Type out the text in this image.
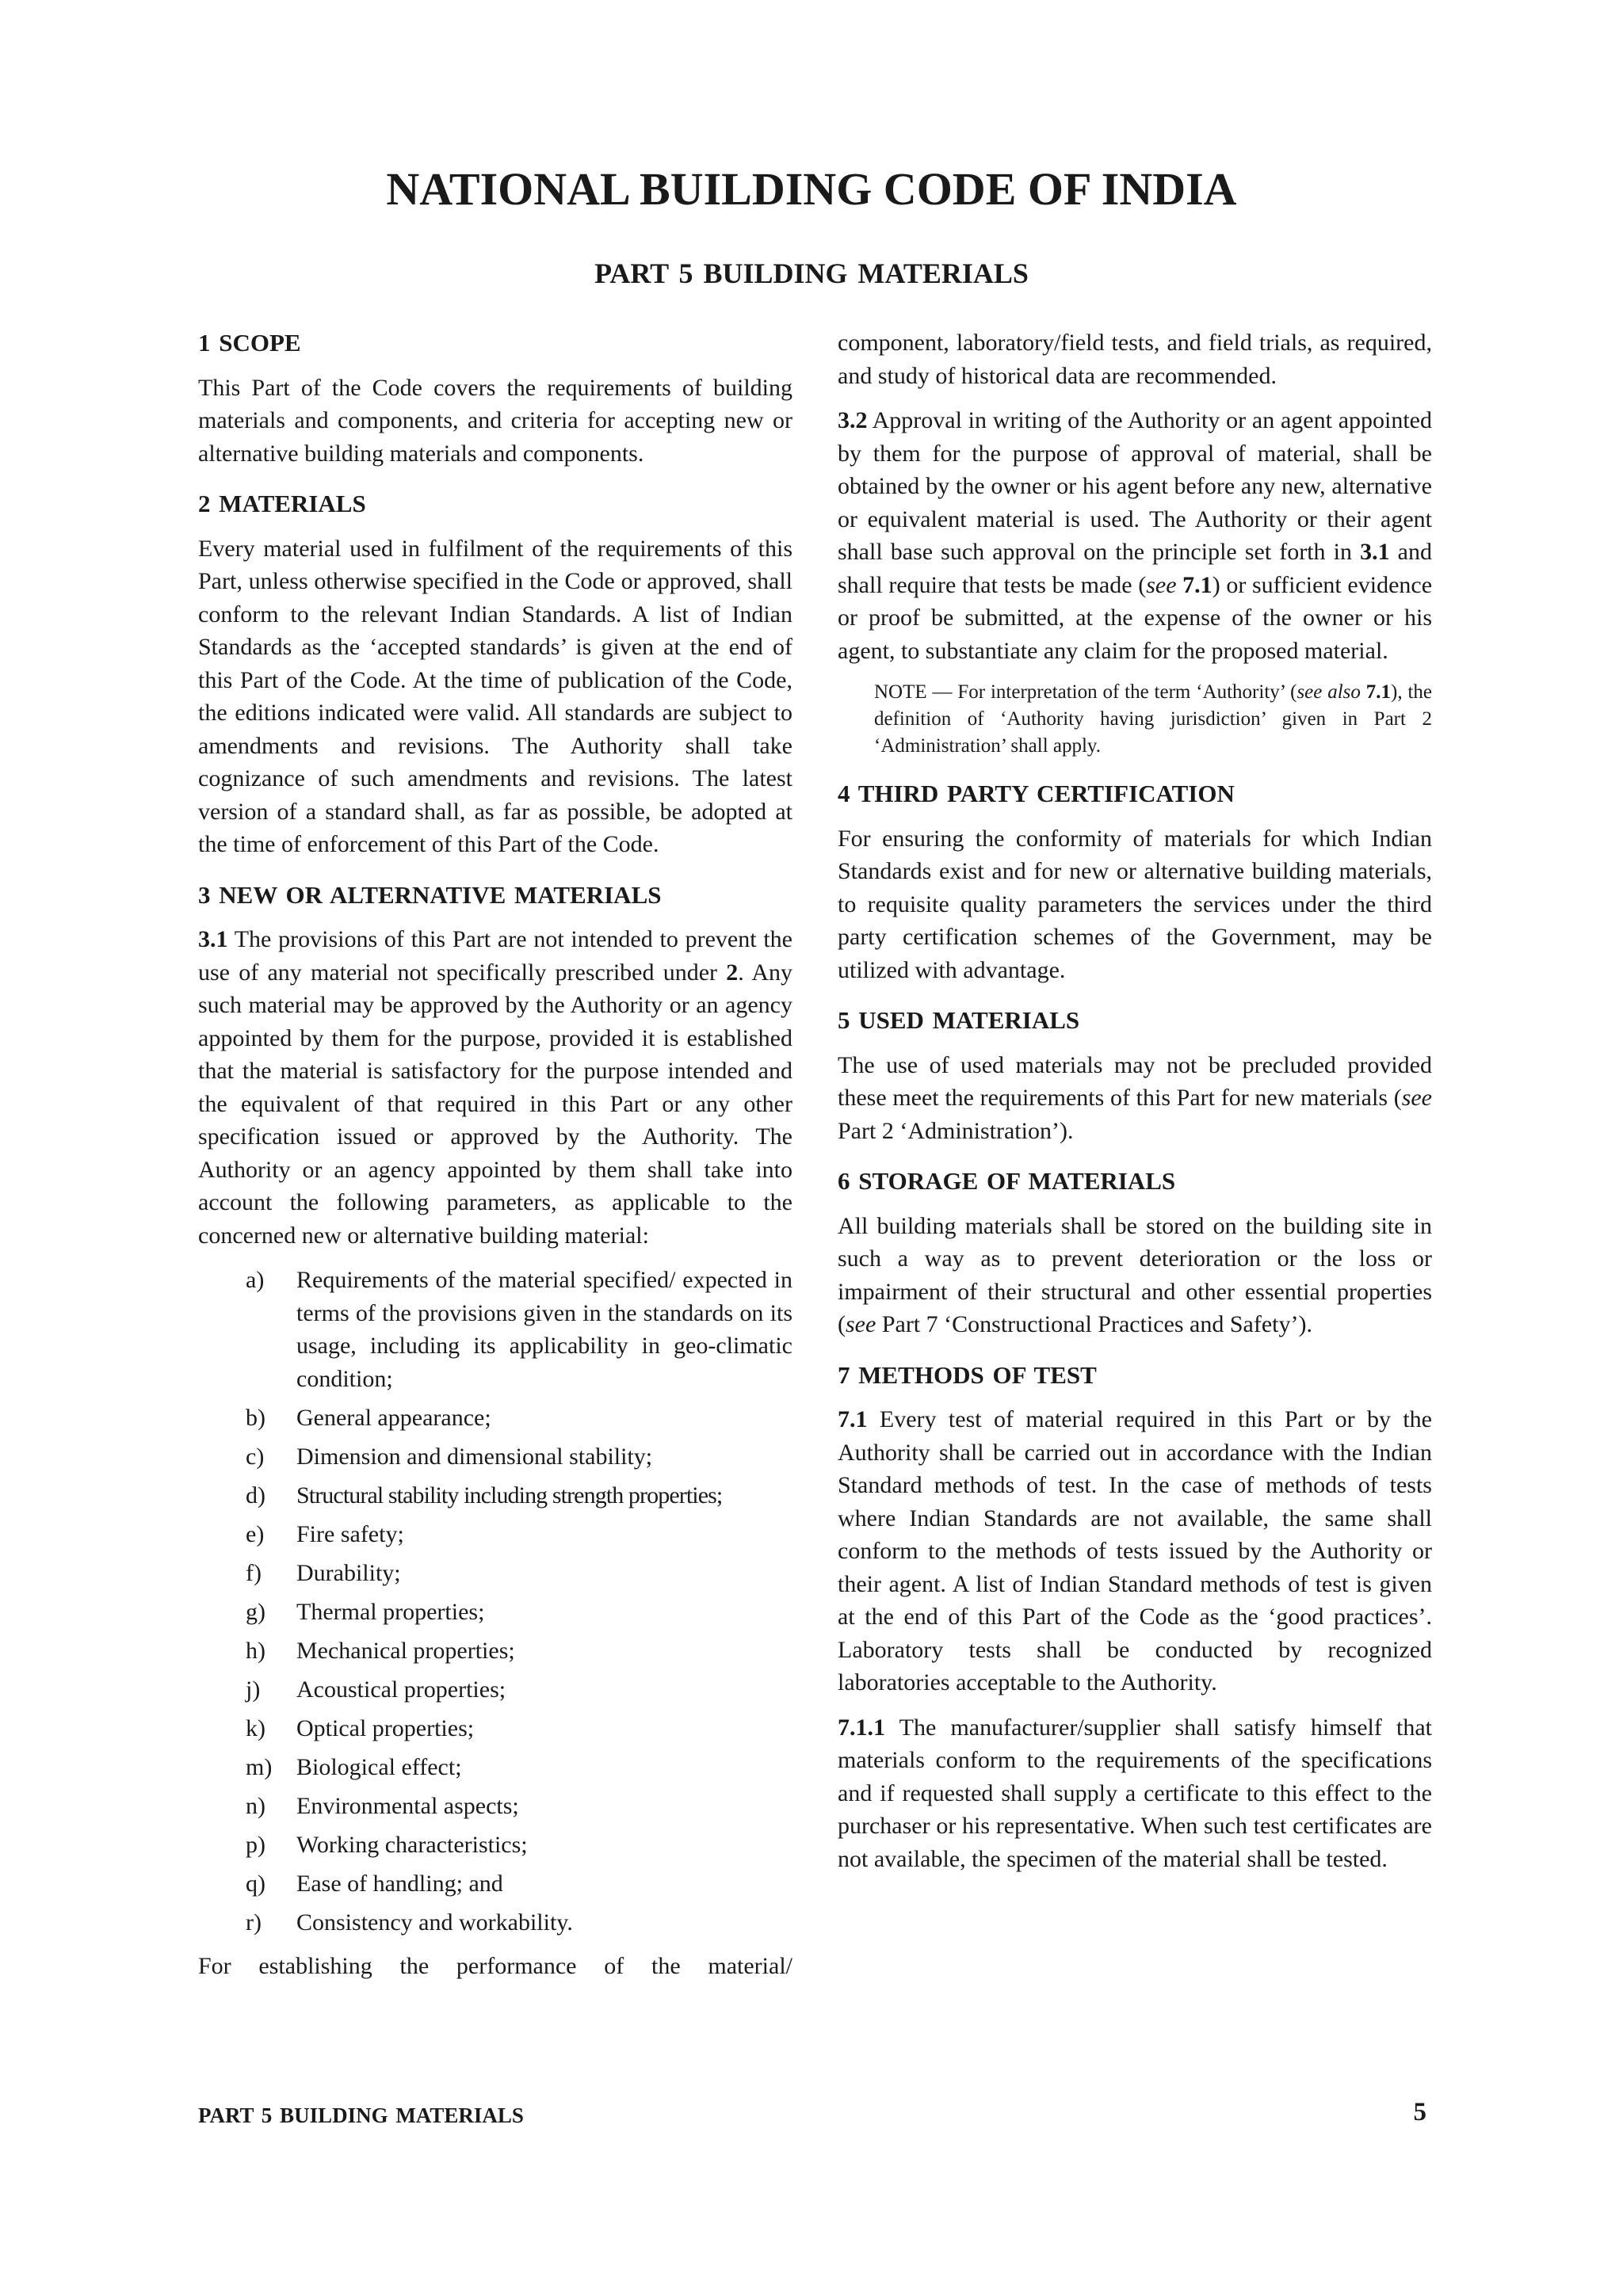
NATIONAL BUILDING CODE OF INDIA
PART 5 BUILDING MATERIALS
1 SCOPE

This Part of the Code covers the requirements of building materials and components, and criteria for accepting new or alternative building materials and components.

2 MATERIALS

Every material used in fulfilment of the requirements of this Part, unless otherwise specified in the Code or approved, shall conform to the relevant Indian Standards. A list of Indian Standards as the ‘accepted standards’ is given at the end of this Part of the Code. At the time of publication of the Code, the editions indicated were valid. All standards are subject to amendments and revisions. The Authority shall take cognizance of such amendments and revisions. The latest version of a standard shall, as far as possible, be adopted at the time of enforcement of this Part of the Code.

3 NEW OR ALTERNATIVE MATERIALS

3.1 The provisions of this Part are not intended to prevent the use of any material not specifically prescribed under 2. Any such material may be approved by the Authority or an agency appointed by them for the purpose, provided it is established that the material is satisfactory for the purpose intended and the equivalent of that required in this Part or any other specification issued or approved by the Authority. The Authority or an agency appointed by them shall take into account the following parameters, as applicable to the concerned new or alternative building material:

a)	Requirements of the material specified/ expected in terms of the provisions given in the standards on its usage, including its applicability in geo-climatic condition;
b)	General appearance;
c)	Dimension and dimensional stability;
d)	Structural stability including strength properties;
e)	Fire safety;
f)	Durability;
g)	Thermal properties;
h)	Mechanical properties;
j)	Acoustical properties;
k)	Optical properties;
m)	Biological effect;
n)	Environmental aspects;
p)	Working characteristics;
q)	Ease of handling; and
r)	Consistency and workability.

For establishing the performance of the material/

component, laboratory/field tests, and field trials, as required, and study of historical data are recommended.

3.2 Approval in writing of the Authority or an agent appointed by them for the purpose of approval of material, shall be obtained by the owner or his agent before any new, alternative or equivalent material is used. The Authority or their agent shall base such approval on the principle set forth in 3.1 and shall require that tests be made (see 7.1) or sufficient evidence or proof be submitted, at the expense of the owner or his agent, to substantiate any claim for the proposed material.

NOTE — For interpretation of the term ‘Authority’ (see also 7.1), the definition of ‘Authority having jurisdiction’ given in Part 2 ‘Administration’ shall apply.

4 THIRD PARTY CERTIFICATION

For ensuring the conformity of materials for which Indian Standards exist and for new or alternative building materials, to requisite quality parameters the services under the third party certification schemes of the Government, may be utilized with advantage.

5 USED MATERIALS

The use of used materials may not be precluded provided these meet the requirements of this Part for new materials (see Part 2 ‘Administration’).

6 STORAGE OF MATERIALS

All building materials shall be stored on the building site in such a way as to prevent deterioration or the loss or impairment of their structural and other essential properties (see Part 7 ‘Constructional Practices and Safety’).

7 METHODS OF TEST

7.1 Every test of material required in this Part or by the Authority shall be carried out in accordance with the Indian Standard methods of test. In the case of methods of tests where Indian Standards are not available, the same shall conform to the methods of tests issued by the Authority or their agent. A list of Indian Standard methods of test is given at the end of this Part of the Code as the ‘good practices’. Laboratory tests shall be conducted by recognized laboratories acceptable to the Authority.

7.1.1 The manufacturer/supplier shall satisfy himself that materials conform to the requirements of the specifications and if requested shall supply a certificate to this effect to the purchaser or his representative. When such test certificates are not available, the specimen of the material shall be tested.

PART 5 BUILDING MATERIALS	5
